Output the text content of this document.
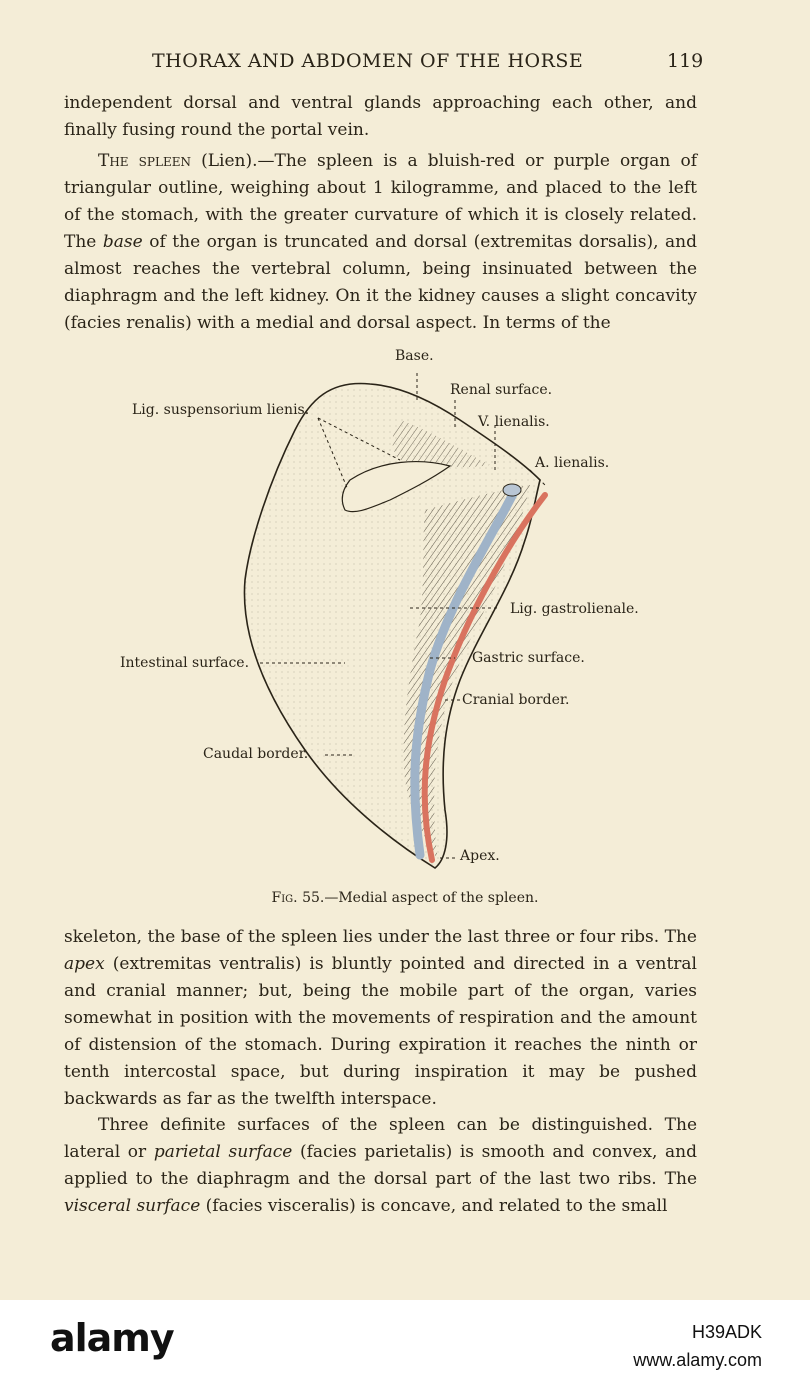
THORAX AND ABDOMEN OF THE HORSE	119

independent dorsal and ventral glands approaching each other, and finally fusing round the portal vein.

The spleen (Lien).—The spleen is a bluish-red or purple organ of triangular outline, weighing about 1 kilogramme, and placed to the left of the stomach, with the greater curvature of which it is closely related. The base of the organ is truncated and dorsal (extremitas dorsalis), and almost reaches the vertebral column, being insinuated between the diaphragm and the left kidney. On it the kidney causes a slight concavity (facies renalis) with a medial and dorsal aspect. In terms of the

Base.
Renal surface.
Lig. suspensorium lienis.
V. lienalis.
A. lienalis.
Lig. gastrolienale.
Gastric surface.
Intestinal surface.
Cranial border.
Caudal border.
Apex.
Fig. 55.—Medial aspect of the spleen.

skeleton, the base of the spleen lies under the last three or four ribs. The apex (extremitas ventralis) is bluntly pointed and directed in a ventral and cranial manner; but, being the mobile part of the organ, varies somewhat in position with the movements of respiration and the amount of distension of the stomach. During expiration it reaches the ninth or tenth intercostal space, but during inspiration it may be pushed backwards as far as the twelfth interspace.

Three definite surfaces of the spleen can be distinguished. The lateral or parietal surface (facies parietalis) is smooth and convex, and applied to the diaphragm and the dorsal part of the last two ribs. The visceral surface (facies visceralis) is concave, and related to the small

alamy	H39ADK
www.alamy.com
